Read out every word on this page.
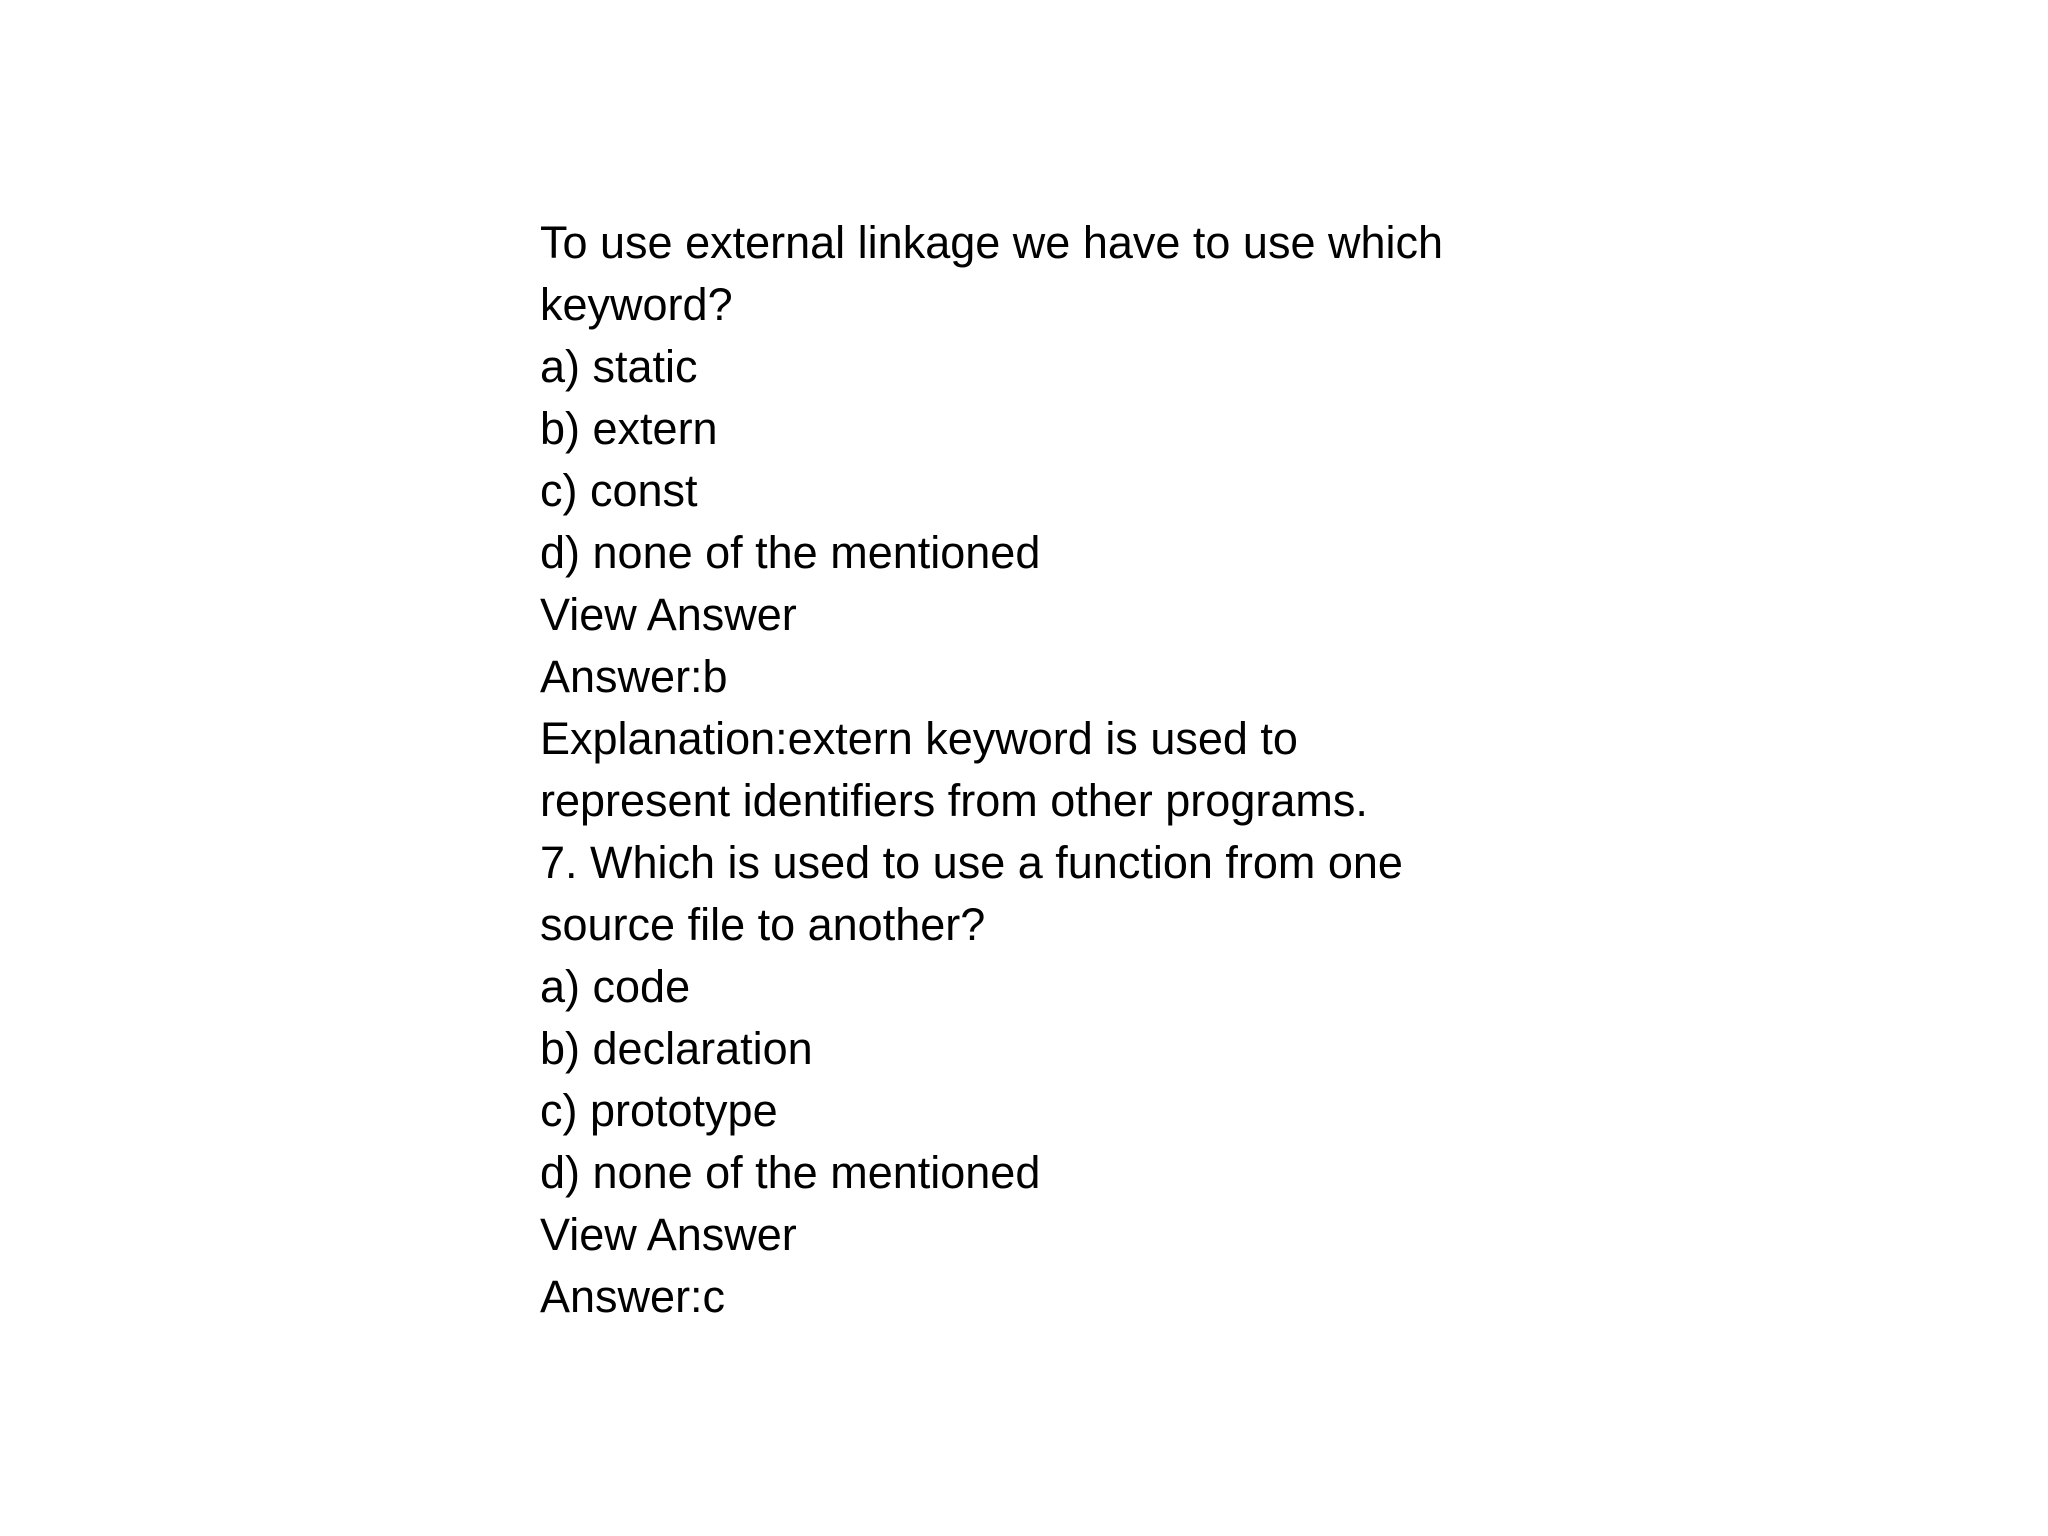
To use external linkage we have to use which
keyword?
a) static
b) extern
c) const
d) none of the mentioned
View Answer
Answer:b
Explanation:extern keyword is used to
represent identifiers from other programs.
7. Which is used to use a function from one
source file to another?
a) code
b) declaration
c) prototype
d) none of the mentioned
View Answer
Answer:c
